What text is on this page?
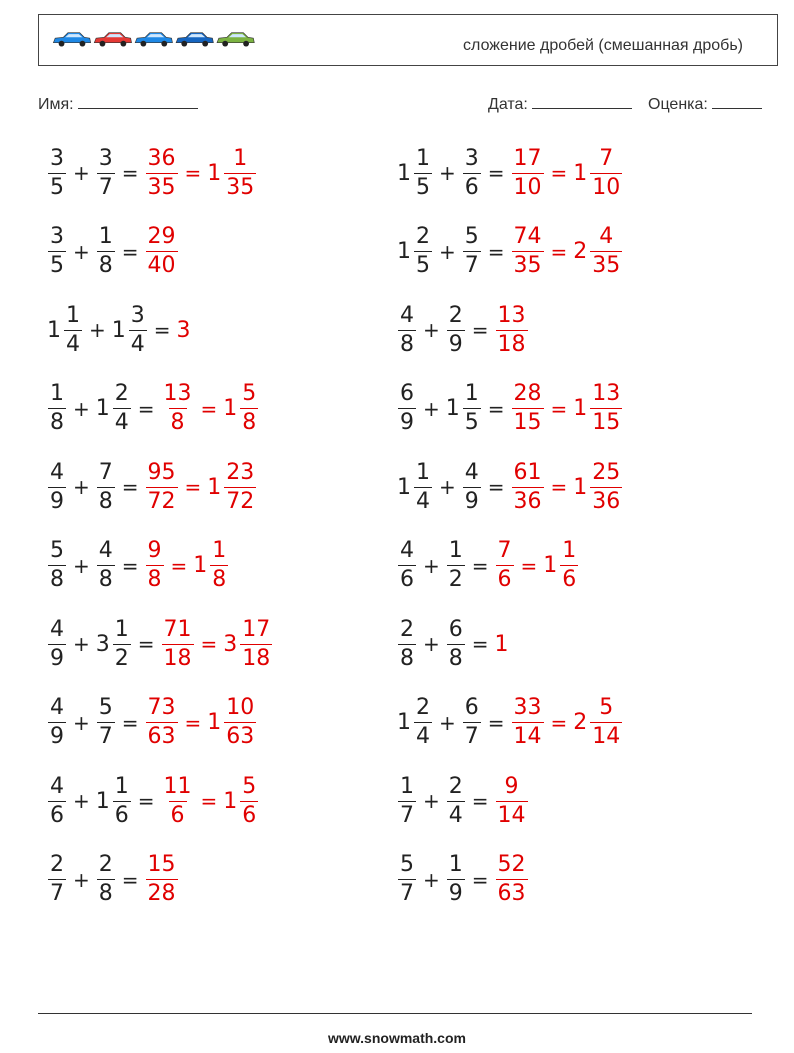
сложение дробей (смешанная дробь)
Имя:	Дата:	Оценка:
$\frac{3}{5} + \frac{3}{7} = \frac{36}{35} = 1 \frac{1}{35}$
$\frac{3}{5} + \frac{1}{8} = \frac{29}{40}$
$1 \frac{1}{4} + 1 \frac{3}{4} = 3$
$\frac{1}{8} + 1 \frac{2}{4} = \frac{13}{8} = 1 \frac{5}{8}$
$\frac{4}{9} + \frac{7}{8} = \frac{95}{72} = 1 \frac{23}{72}$
$\frac{5}{8} + \frac{4}{8} = \frac{9}{8} = 1 \frac{1}{8}$
$\frac{4}{9} + 3 \frac{1}{2} = \frac{71}{18} = 3 \frac{17}{18}$
$\frac{4}{9} + \frac{5}{7} = \frac{73}{63} = 1 \frac{10}{63}$
$\frac{4}{6} + 1 \frac{1}{6} = \frac{11}{6} = 1 \frac{5}{6}$
$\frac{2}{7} + \frac{2}{8} = \frac{15}{28}$
$1 \frac{1}{5} + \frac{3}{6} = \frac{17}{10} = 1 \frac{7}{10}$
$1 \frac{2}{5} + \frac{5}{7} = \frac{74}{35} = 2 \frac{4}{35}$
$\frac{4}{8} + \frac{2}{9} = \frac{13}{18}$
$\frac{6}{9} + 1 \frac{1}{5} = \frac{28}{15} = 1 \frac{13}{15}$
$1 \frac{1}{4} + \frac{4}{9} = \frac{61}{36} = 1 \frac{25}{36}$
$\frac{4}{6} + \frac{1}{2} = \frac{7}{6} = 1 \frac{1}{6}$
$\frac{2}{8} + \frac{6}{8} = 1$
$1 \frac{2}{4} + \frac{6}{7} = \frac{33}{14} = 2 \frac{5}{14}$
$\frac{1}{7} + \frac{2}{4} = \frac{9}{14}$
$\frac{5}{7} + \frac{1}{9} = \frac{52}{63}$
www.snowmath.com
